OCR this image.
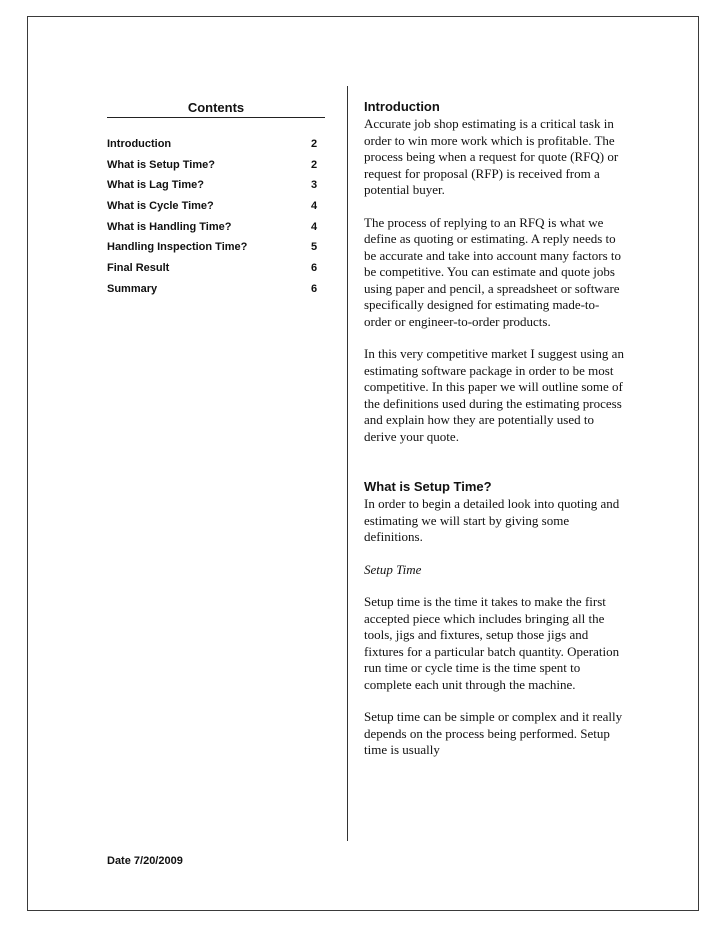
Contents
Introduction	2
What is Setup Time?	2
What is Lag Time?	3
What is Cycle Time?	4
What is Handling Time?	4
Handling Inspection Time?	5
Final Result	6
Summary	6
Introduction

Accurate job shop estimating is a critical task in order to win more work which is profitable. The process being when a request for quote (RFQ) or request for proposal (RFP) is received from a potential buyer.

The process of replying to an RFQ is what we define as quoting or estimating. A reply needs to be accurate and take into account many factors to be competitive. You can estimate and quote jobs using paper and pencil, a spreadsheet or software specifically designed for estimating made-to-order or engineer-to-order products.

In this very competitive market I suggest using an estimating software package in order to be most competitive. In this paper we will outline some of the definitions used during the estimating process and explain how they are potentially used to derive your quote.

What is Setup Time?

In order to begin a detailed look into quoting and estimating we will start by giving some definitions.

Setup Time

Setup time is the time it takes to make the first accepted piece which includes bringing all the tools, jigs and fixtures, setup those jigs and fixtures for a particular batch quantity. Operation run time or cycle time is the time spent to complete each unit through the machine.

Setup time can be simple or complex and it really depends on the process being performed. Setup time is usually

Date 7/20/2009
